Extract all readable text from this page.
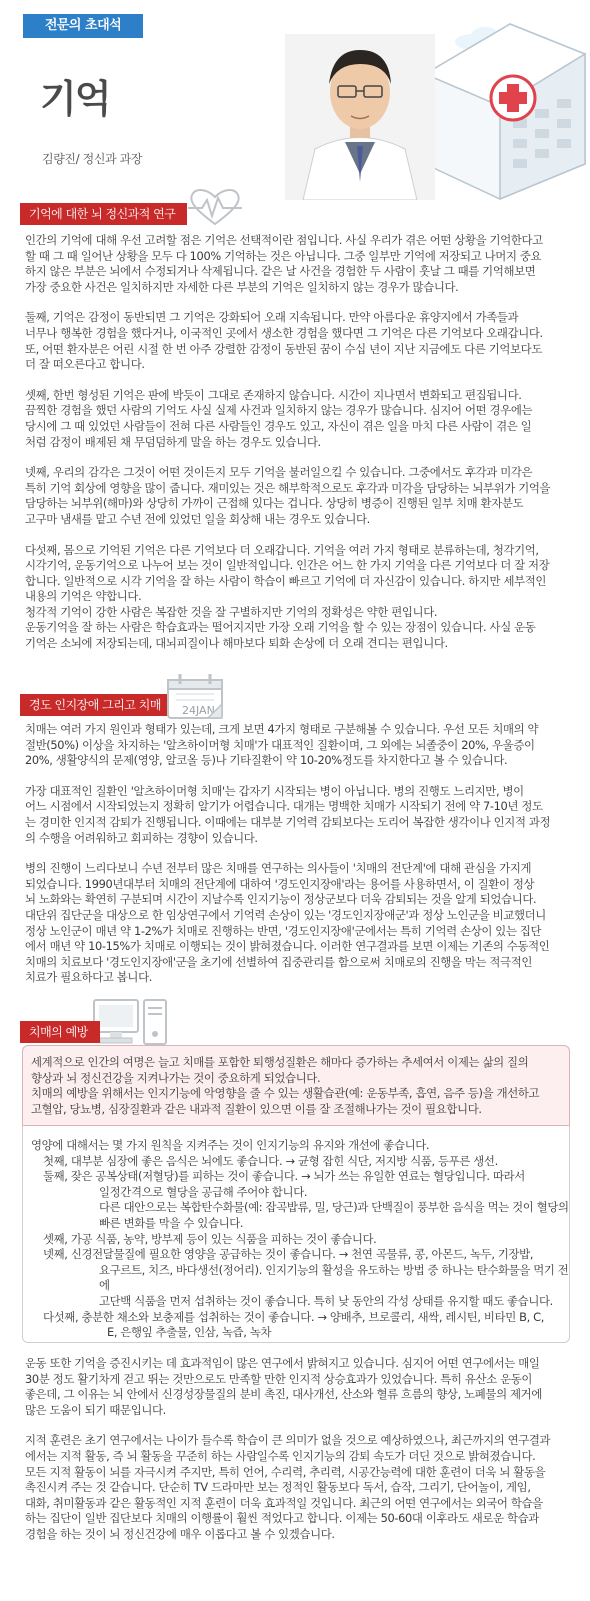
전문의 초대석
기억
김량진/ 정신과 과장
기억에 대한 뇌 정신과적 연구

인간의 기억에 대해 우선 고려할 점은 기억은 선택적이란 점입니다. 사실 우리가 겪은 어떤 상황을 기억한다고
할 때 그 때 일어난 상황을 모두 다 100% 기억하는 것은 아닙니다. 그중 일부만 기억에 저장되고 나머지 중요
하지 않은 부분은 뇌에서 수정되거나 삭제됩니다. 같은 날 사건을 경험한 두 사람이 훗날 그 때를 기억해보면
가장 중요한 사건은 일치하지만 자세한 다른 부분의 기억은 일치하지 않는 경우가 많습니다.

둘째, 기억은 감정이 동반되면 그 기억은 강화되어 오래 지속됩니다. 만약 아름다운 휴양지에서 가족들과
너무나 행복한 경험을 했다거나, 이국적인 곳에서 생소한 경험을 했다면 그 기억은 다른 기억보다 오래갑니다.
또, 어떤 환자분은 어린 시절 한 번 아주 강렬한 감정이 동반된 꿈이 수십 년이 지난 지금에도 다른 기억보다도
더 잘 떠오른다고 합니다.

셋째, 한번 형성된 기억은 판에 박듯이 그대로 존재하지 않습니다. 시간이 지나면서 변화되고 편집됩니다.
끔찍한 경험을 했던 사람의 기억도 사실 실제 사건과 일치하지 않는 경우가 많습니다. 심지어 어떤 경우에는
당시에 그 때 있었던 사람들이 전혀 다른 사람들인 경우도 있고, 자신이 겪은 일을 마치 다른 사람이 겪은 일
처럼 감정이 배제된 채 무덤덤하게 말을 하는 경우도 있습니다.

넷째, 우리의 감각은 그것이 어떤 것이든지 모두 기억을 불러일으킬 수 있습니다. 그중에서도 후각과 미각은
특히 기억 회상에 영향을 많이 줍니다. 재미있는 것은 해부학적으로도 후각과 미각을 담당하는 뇌부위가 기억을
담당하는 뇌부위(해마)와 상당히 가까이 근접해 있다는 겁니다. 상당히 병증이 진행된 일부 치매 환자분도
고구마 냄새를 맡고 수년 전에 있었던 일을 회상해 내는 경우도 있습니다.

다섯째, 몸으로 기억된 기억은 다른 기억보다 더 오래갑니다. 기억을 여러 가지 형태로 분류하는데, 청각기억,
시각기억, 운동기억으로 나누어 보는 것이 일반적입니다. 인간은 어느 한 가지 기억을 다른 기억보다 더 잘 저장
합니다. 일반적으로 시각 기억을 잘 하는 사람이 학습이 빠르고 기억에 더 자신감이 있습니다. 하지만 세부적인
내용의 기억은 약합니다.
청각적 기억이 강한 사람은 복잡한 것을 잘 구별하지만 기억의 정확성은 약한 편입니다.
운동기억을 잘 하는 사람은 학습효과는 떨어지지만 가장 오래 기억을 할 수 있는 장점이 있습니다. 사실 운동
기억은 소뇌에 저장되는데, 대뇌피질이나 해마보다 퇴화 손상에 더 오래 견디는 편입니다.

경도 인지장애 그리고 치매	24JAN

치매는 여러 가지 원인과 형태가 있는데, 크게 보면 4가지 형태로 구분해볼 수 있습니다. 우선 모든 치매의 약
절반(50%) 이상을 차지하는 '알츠하이머형 치매'가 대표적인 질환이며, 그 외에는 뇌졸중이 20%, 우울증이
20%, 생활양식의 문제(영양, 알코올 등)나 기타질환이 약 10-20%정도를 차지한다고 볼 수 있습니다.

가장 대표적인 질환인 '알츠하이머형 치매'는 갑자기 시작되는 병이 아닙니다. 병의 진행도 느리지만, 병이
어느 시점에서 시작되었는지 정확히 알기가 어렵습니다. 대개는 명백한 치매가 시작되기 전에 약 7-10년 정도
는 경미한 인지적 감퇴가 진행됩니다. 이때에는 대부분 기억력 감퇴보다는 도리어 복잡한 생각이나 인지적 과정
의 수행을 어려워하고 회피하는 경향이 있습니다.

병의 진행이 느리다보니 수년 전부터 많은 치매를 연구하는 의사들이 '치매의 전단계'에 대해 관심을 가지게
되었습니다. 1990년대부터 치매의 전단계에 대하여 '경도인지장애'라는 용어를 사용하면서, 이 질환이 정상
뇌 노화와는 확연히 구분되며 시간이 지날수록 인지기능이 정상군보다 더욱 감퇴되는 것을 알게 되었습니다.
대단위 집단군을 대상으로 한 임상연구에서 기억력 손상이 있는 '경도인지장애군'과 정상 노인군을 비교했더니
정상 노인군이 매년 약 1-2%가 치매로 진행하는 반면, '경도인지장애'군에서는 특히 기억력 손상이 있는 집단
에서 매년 약 10-15%가 치매로 이행되는 것이 밝혀졌습니다. 이러한 연구결과를 보면 이제는 기존의 수동적인
치매의 치료보다 '경도인지장애'군을 초기에 선별하여 집중관리를 함으로써 치매로의 진행을 막는 적극적인
치료가 필요하다고 봅니다.

치매의 예방

세계적으로 인간의 여명은 늘고 치매를 포함한 퇴행성질환은 해마다 증가하는 추세여서 이제는 삶의 질의
향상과 뇌 정신건강을 지켜나가는 것이 중요하게 되었습니다.
치매의 예방을 위해서는 인지기능에 악영향을 줄 수 있는 생활습관(예: 운동부족, 흡연, 음주 등)을 개선하고
고혈압, 당뇨병, 심장질환과 같은 내과적 질환이 있으면 이를 잘 조절해나가는 것이 필요합니다.

영양에 대해서는 몇 가지 원칙을 지켜주는 것이 인지기능의 유지와 개선에 좋습니다.

첫째, 대부분 심장에 좋은 음식은 뇌에도 좋습니다. → 균형 잡힌 식단, 저지방 식품, 등푸른 생선.

둘째, 잦은 공복상태(저혈당)를 피하는 것이 좋습니다. → 뇌가 쓰는 유일한 연료는 혈당입니다. 따라서

일정간격으로 혈당을 공급해 주어야 합니다.

다른 대안으로는 복합탄수화물(예: 잡곡밥류, 밀, 당근)과 단백질이 풍부한 음식을 먹는 것이 혈당의

빠른 변화를 막을 수 있습니다.

셋째, 가공 식품, 농약, 방부제 등이 있는 식품을 피하는 것이 좋습니다.

넷째, 신경전달물질에 필요한 영양을 공급하는 것이 좋습니다. → 천연 곡물류, 콩, 아몬드, 녹두, 기장밥,

요구르트, 치즈, 바다생선(정어리). 인지기능의 활성을 유도하는 방법 중 하나는 탄수화물을 먹기 전에

고단백 식품을 먼저 섭취하는 것이 좋습니다. 특히 낮 동안의 각성 상태를 유지할 때도 좋습니다.

다섯째, 충분한 채소와 보충제를 섭취하는 것이 좋습니다. → 양배추, 브로콜리, 새싹, 레시틴, 비타민 B, C,

E, 은행잎 추출물, 인삼, 녹즙, 녹차

운동 또한 기억을 증진시키는 데 효과적임이 많은 연구에서 밝혀지고 있습니다. 심지어 어떤 연구에서는 매일
30분 정도 활기차게 걷고 뛰는 것만으로도 만족할 만한 인지적 상승효과가 있었습니다. 특히 유산소 운동이
좋은데, 그 이유는 뇌 안에서 신경성장물질의 분비 촉진, 대사개선, 산소와 혈류 흐름의 향상, 노폐물의 제거에
많은 도움이 되기 때문입니다.

지적 훈련은 초기 연구에서는 나이가 들수록 학습이 큰 의미가 없을 것으로 예상하였으나, 최근까지의 연구결과
에서는 지적 활동, 즉 뇌 활동을 꾸준히 하는 사람일수록 인지기능의 감퇴 속도가 더딘 것으로 밝혀졌습니다.
모든 지적 활동이 뇌를 자극시켜 주지만, 특히 언어, 수리력, 추리력, 시공간능력에 대한 훈련이 더욱 뇌 활동을
촉진시켜 주는 것 같습니다. 단순히 TV 드라마만 보는 정적인 활동보다 독서, 습작, 그리기, 단어놀이, 게임,
대화, 취미활동과 같은 활동적인 지적 훈련이 더욱 효과적일 것입니다. 최근의 어떤 연구에서는 외국어 학습을
하는 집단이 일반 집단보다 치매의 이행률이 훨씬 적었다고 합니다. 이제는 50-60대 이후라도 새로운 학습과
경험을 하는 것이 뇌 정신건강에 매우 이롭다고 볼 수 있겠습니다.
